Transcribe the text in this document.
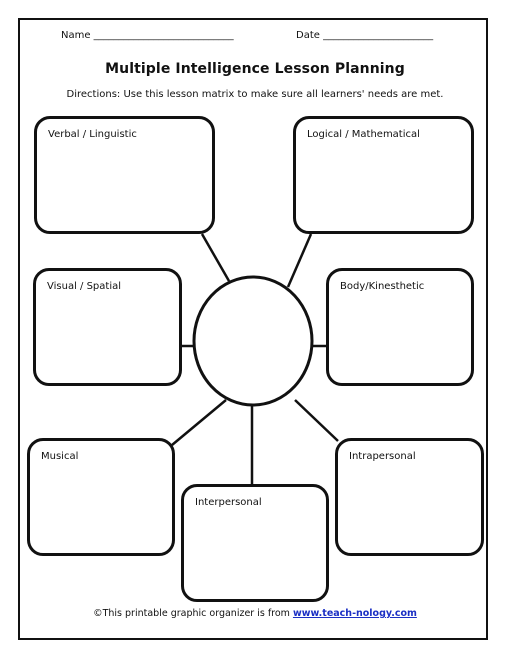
Name ____________________________	Date ______________________
Multiple Intelligence Lesson Planning
Directions: Use this lesson matrix to make sure all learners' needs are met.
Verbal / Linguistic	Logical / Mathematical
Visual / Spatial	Body/Kinesthetic
Musical	Intrapersonal
Interpersonal
©This printable graphic organizer is from www.teach-nology.com
